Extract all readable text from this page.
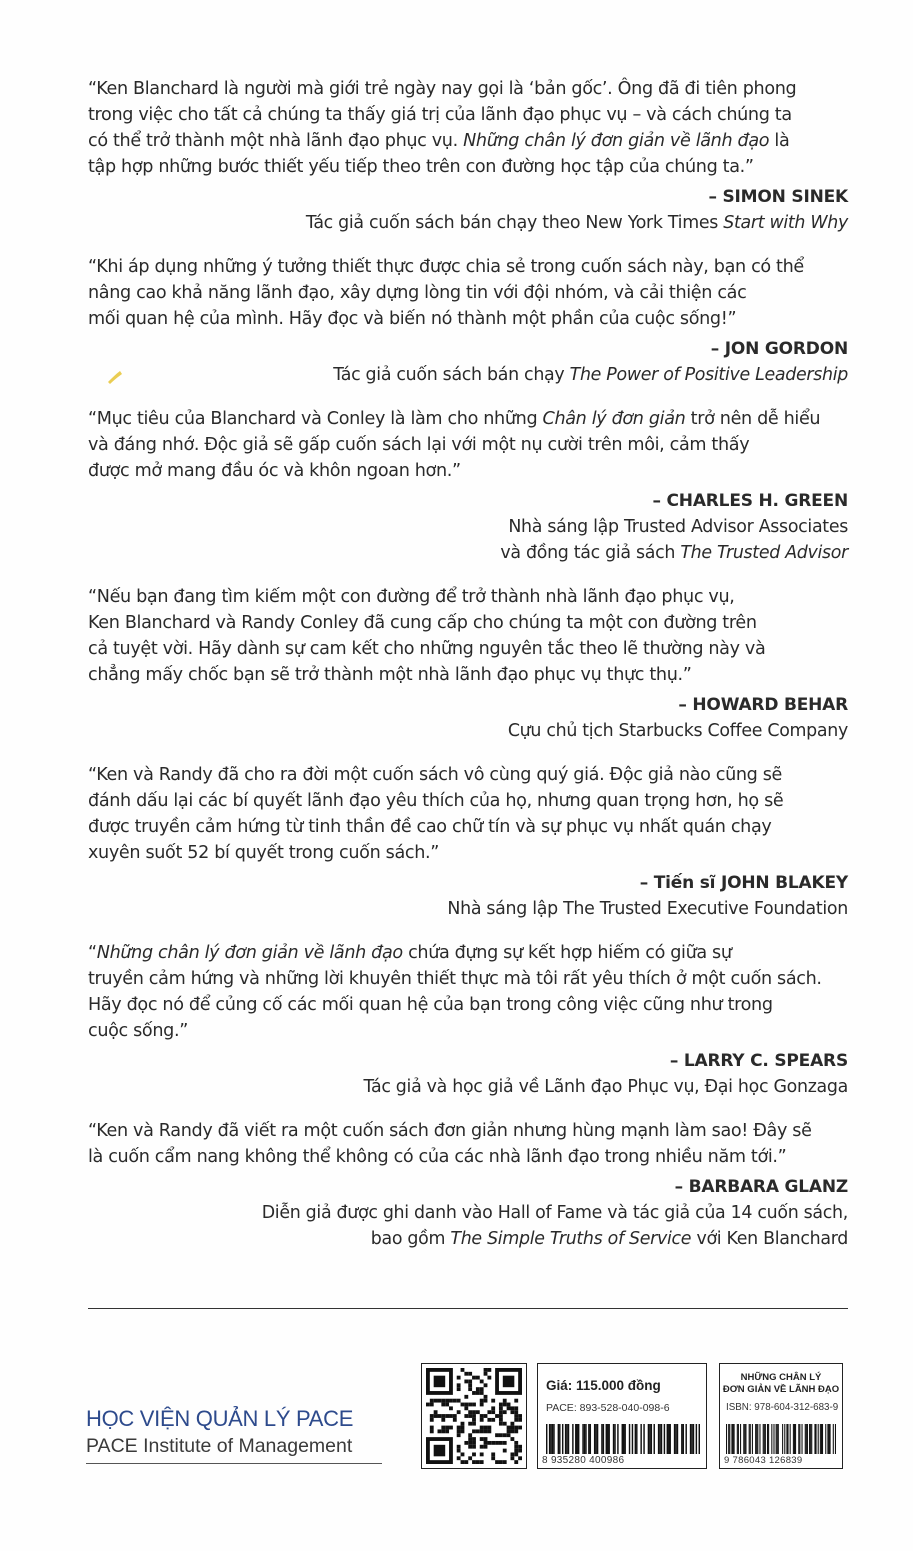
“Ken Blanchard là người mà giới trẻ ngày nay gọi là ‘bản gốc’. Ông đã đi tiên phong
trong việc cho tất cả chúng ta thấy giá trị của lãnh đạo phục vụ – và cách chúng ta
có thể trở thành một nhà lãnh đạo phục vụ. Những chân lý đơn giản về lãnh đạo là
tập hợp những bước thiết yếu tiếp theo trên con đường học tập của chúng ta.”

– SIMON SINEK
Tác giả cuốn sách bán chạy theo New York Times Start with Why

“Khi áp dụng những ý tưởng thiết thực được chia sẻ trong cuốn sách này, bạn có thể
nâng cao khả năng lãnh đạo, xây dựng lòng tin với đội nhóm, và cải thiện các
mối quan hệ của mình. Hãy đọc và biến nó thành một phần của cuộc sống!”

– JON GORDON
Tác giả cuốn sách bán chạy The Power of Positive Leadership

“Mục tiêu của Blanchard và Conley là làm cho những Chân lý đơn giản trở nên dễ hiểu
và đáng nhớ. Độc giả sẽ gấp cuốn sách lại với một nụ cười trên môi, cảm thấy
được mở mang đầu óc và khôn ngoan hơn.”

– CHARLES H. GREEN
Nhà sáng lập Trusted Advisor Associates
và đồng tác giả sách The Trusted Advisor

“Nếu bạn đang tìm kiếm một con đường để trở thành nhà lãnh đạo phục vụ,
Ken Blanchard và Randy Conley đã cung cấp cho chúng ta một con đường trên
cả tuyệt vời. Hãy dành sự cam kết cho những nguyên tắc theo lẽ thường này và
chẳng mấy chốc bạn sẽ trở thành một nhà lãnh đạo phục vụ thực thụ.”

– HOWARD BEHAR
Cựu chủ tịch Starbucks Coffee Company

“Ken và Randy đã cho ra đời một cuốn sách vô cùng quý giá. Độc giả nào cũng sẽ
đánh dấu lại các bí quyết lãnh đạo yêu thích của họ, nhưng quan trọng hơn, họ sẽ
được truyền cảm hứng từ tinh thần đề cao chữ tín và sự phục vụ nhất quán chạy
xuyên suốt 52 bí quyết trong cuốn sách.”

– Tiến sĩ JOHN BLAKEY
Nhà sáng lập The Trusted Executive Foundation

“Những chân lý đơn giản về lãnh đạo chứa đựng sự kết hợp hiếm có giữa sự
truyền cảm hứng và những lời khuyên thiết thực mà tôi rất yêu thích ở một cuốn sách.
Hãy đọc nó để củng cố các mối quan hệ của bạn trong công việc cũng như trong
cuộc sống.”

– LARRY C. SPEARS
Tác giả và học giả về Lãnh đạo Phục vụ, Đại học Gonzaga

“Ken và Randy đã viết ra một cuốn sách đơn giản nhưng hùng mạnh làm sao! Đây sẽ
là cuốn cẩm nang không thể không có của các nhà lãnh đạo trong nhiều năm tới.”

– BARBARA GLANZ
Diễn giả được ghi danh vào Hall of Fame và tác giả của 14 cuốn sách,
bao gồm The Simple Truths of Service với Ken Blanchard
HỌC VIỆN QUẢN LÝ PACE
PACE Institute of Management
Giá: 115.000 đồng
PACE: 893-528-040-098-6
8 935280 400986
NHỮNG CHÂN LÝ
ĐƠN GIẢN VỀ LÃNH ĐẠO
ISBN: 978-604-312-683-9
9 786043 126839
